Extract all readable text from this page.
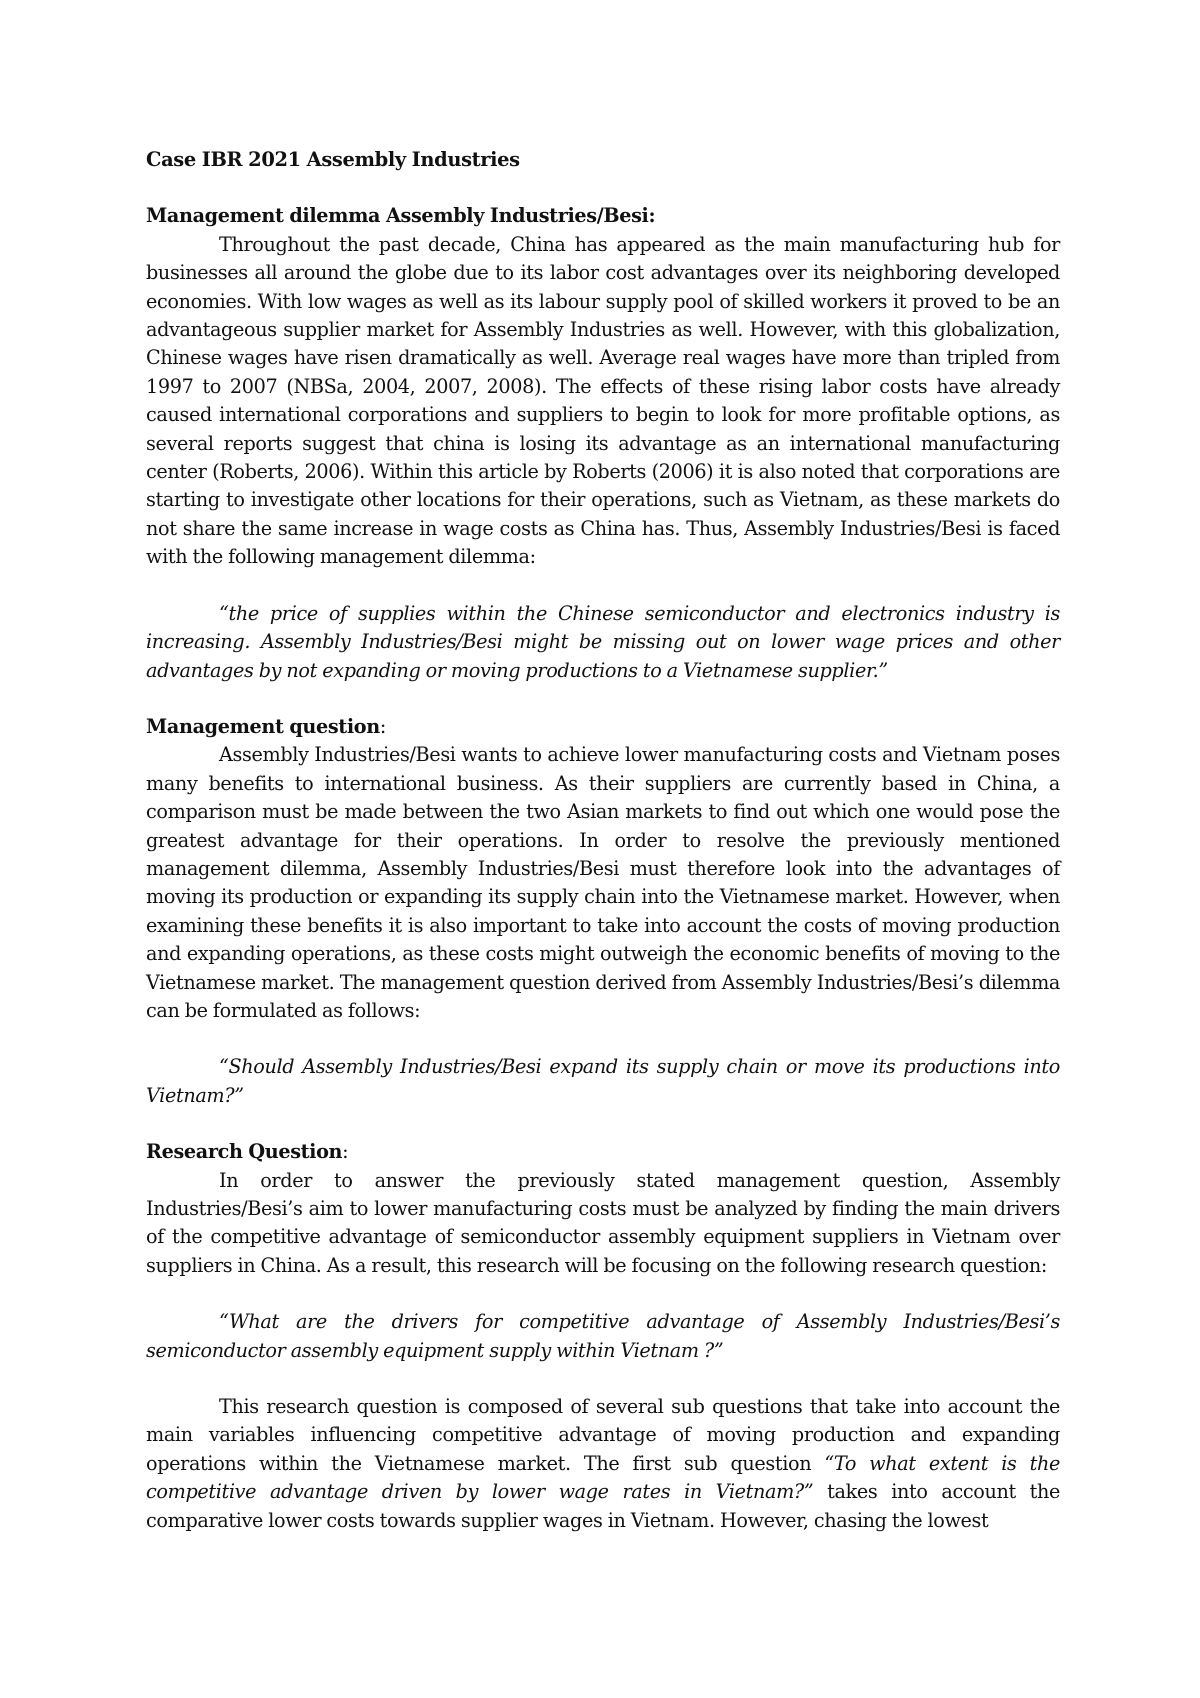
Case IBR 2021 Assembly Industries
Management dilemma Assembly Industries/Besi:

Throughout the past decade, China has appeared as the main manufacturing hub for businesses all around the globe due to its labor cost advantages over its neighboring developed economies. With low wages as well as its labour supply pool of skilled workers it proved to be an advantageous supplier market for Assembly Industries as well. However, with this globalization, Chinese wages have risen dramatically as well. Average real wages have more than tripled from 1997 to 2007 (NBSa, 2004, 2007, 2008). The effects of these rising labor costs have already caused international corporations and suppliers to begin to look for more profitable options, as several reports suggest that china is losing its advantage as an international manufacturing center (Roberts, 2006). Within this article by Roberts (2006) it is also noted that corporations are starting to investigate other locations for their operations, such as Vietnam, as these markets do not share the same increase in wage costs as China has. Thus, Assembly Industries/Besi is faced with the following management dilemma:

“the price of supplies within the Chinese semiconductor and electronics industry is increasing. Assembly Industries/Besi might be missing out on lower wage prices and other advantages by not expanding or moving productions to a Vietnamese supplier.”

Management question:

Assembly Industries/Besi wants to achieve lower manufacturing costs and Vietnam poses many benefits to international business. As their suppliers are currently based in China, a comparison must be made between the two Asian markets to find out which one would pose the greatest advantage for their operations. In order to resolve the previously mentioned management dilemma, Assembly Industries/Besi must therefore look into the advantages of moving its production or expanding its supply chain into the Vietnamese market. However, when examining these benefits it is also important to take into account the costs of moving production and expanding operations, as these costs might outweigh the economic benefits of moving to the Vietnamese market. The management question derived from Assembly Industries/Besi’s dilemma can be formulated as follows:

“Should Assembly Industries/Besi expand its supply chain or move its productions into Vietnam?”

Research Question:

In order to answer the previously stated management question, Assembly Industries/Besi’s aim to lower manufacturing costs must be analyzed by finding the main drivers of the competitive advantage of semiconductor assembly equipment suppliers in Vietnam over suppliers in China. As a result, this research will be focusing on the following research question:

“What are the drivers for competitive advantage of Assembly Industries/Besi’s semiconductor assembly equipment supply within Vietnam ?”

This research question is composed of several sub questions that take into account the main variables influencing competitive advantage of moving production and expanding operations within the Vietnamese market. The first sub question “To what extent is the competitive advantage driven by lower wage rates in Vietnam?” takes into account the comparative lower costs towards supplier wages in Vietnam. However, chasing the lowest
